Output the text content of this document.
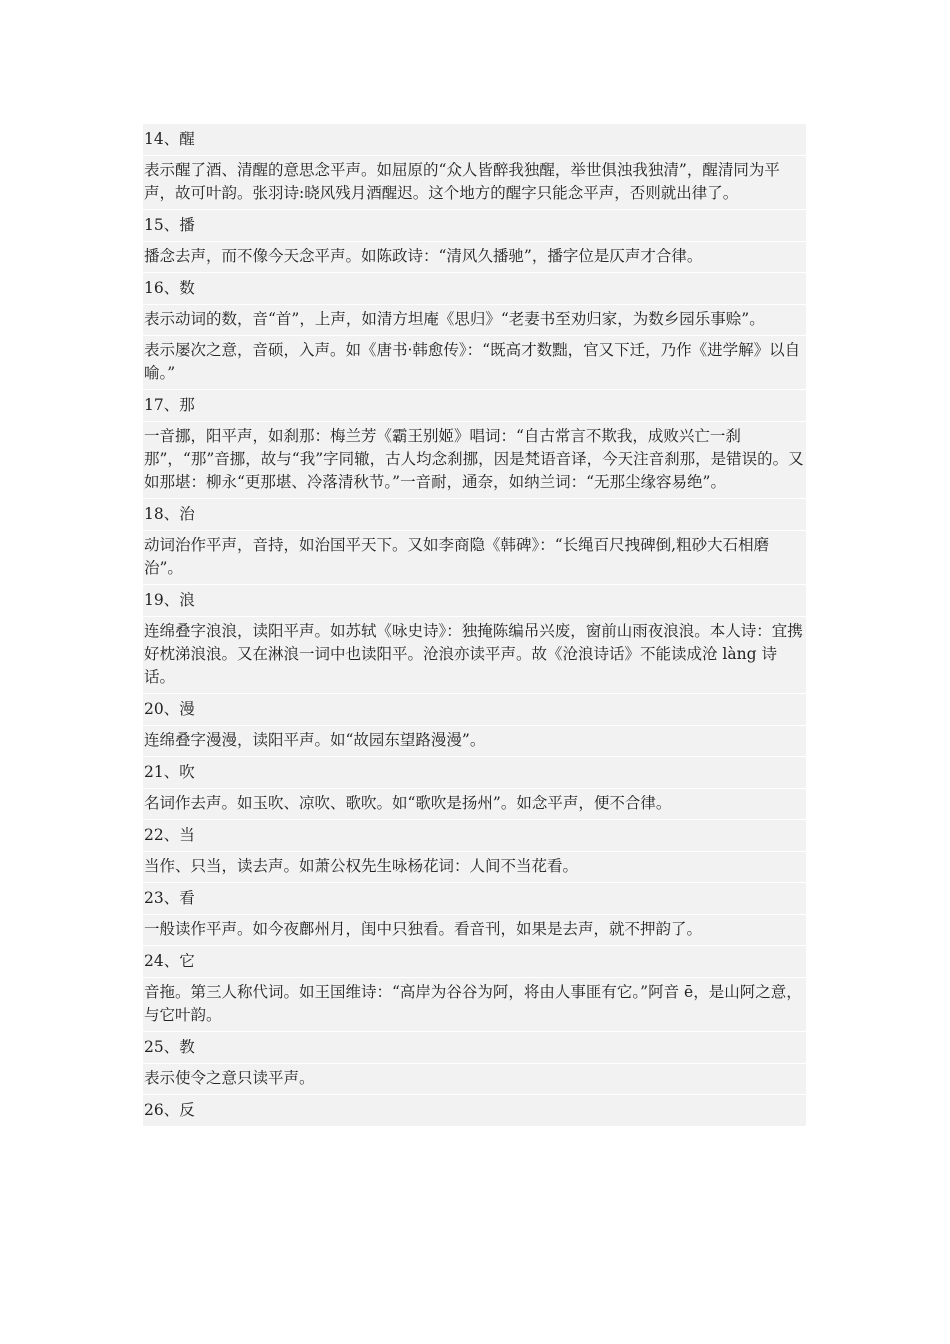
14、醒
表示醒了酒、清醒的意思念平声。如屈原的“众人皆醉我独醒，举世俱浊我独清”，醒清同为平声，故可叶韵。张羽诗:晓风残月酒醒迟。这个地方的醒字只能念平声，否则就出律了。
15、播
播念去声，而不像今天念平声。如陈政诗：“清风久播驰”，播字位是仄声才合律。
16、数
表示动词的数，音“首”，上声，如清方坦庵《思归》“老妻书至劝归家，为数乡园乐事赊”。
表示屡次之意，音硕，入声。如《唐书·韩愈传》：“既高才数黜，官又下迁，乃作《进学解》以自喻。”
17、那
一音挪，阳平声，如刹那：梅兰芳《霸王别姬》唱词：“自古常言不欺我，成败兴亡一刹那”，“那”音挪，故与“我”字同辙，古人均念刹挪，因是梵语音译，今天注音刹那，是错误的。又如那堪：柳永“更那堪、冷落清秋节。”一音耐，通奈，如纳兰词：“无那尘缘容易绝”。
18、治
动词治作平声，音持，如治国平天下。又如李商隐《韩碑》：“长绳百尺拽碑倒,粗砂大石相磨治”。
19、浪
连绵叠字浪浪，读阳平声。如苏轼《咏史诗》：独掩陈编吊兴废，窗前山雨夜浪浪。本人诗：宜携好枕涕浪浪。又在淋浪一词中也读阳平。沧浪亦读平声。故《沧浪诗话》不能读成沧 làng 诗话。
20、漫
连绵叠字漫漫，读阳平声。如“故园东望路漫漫”。
21、吹
名词作去声。如玉吹、凉吹、歌吹。如“歌吹是扬州”。如念平声，便不合律。
22、当
当作、只当，读去声。如萧公权先生咏杨花词：人间不当花看。
23、看
一般读作平声。如今夜鄜州月，闺中只独看。看音刊，如果是去声，就不押韵了。
24、它
音拖。第三人称代词。如王国维诗：“高岸为谷谷为阿，将由人事匪有它。”阿音 ē，是山阿之意，与它叶韵。
25、教
表示使令之意只读平声。
26、反
